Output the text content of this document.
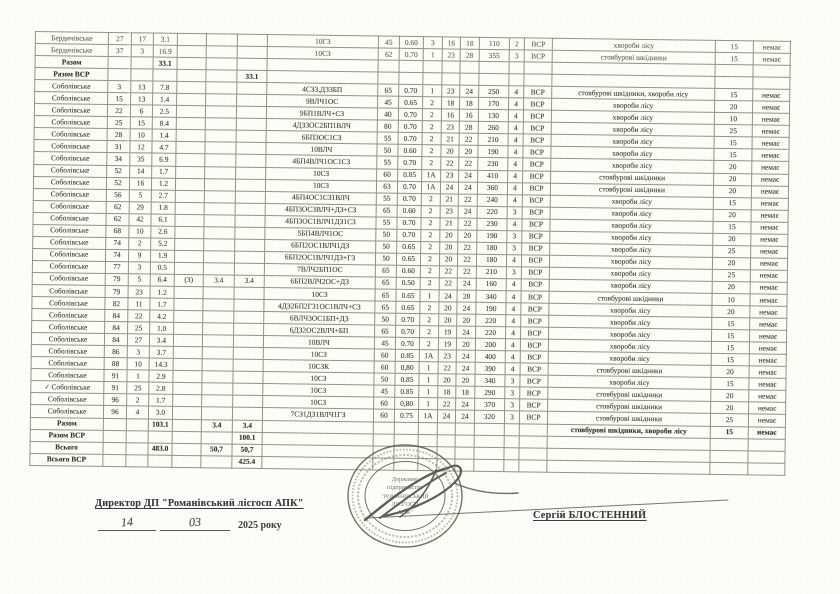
Бердичівське	27	17	3.1				10ГЗ	45	0.60	3	16	18	110	2	ВСР	хвороби лісу	15	немає
Бердичівське	37	3	16.9				10СЗ	62	0.70	1	23	28	355	3	ВСР	стовбурові шкідники	15	немає
Разом			33.1															
Разом ВСР						33.1												
Соболівське	3	13	7.8				4СЗ3,ДЗ3БП	65	0.70	1	23	24	250	4	ВСР	стовбурові шкідники, хвороби лісу	15	немає
Соболівське	15	13	1.4				9ВЛЧ1ОС	45	0.65	2	18	18	170	4	ВСР	хвороби лісу	20	немає
Соболівське	22	6	2.5				9БП1ВЛЧ+СЗ	40	0.70	2	16	16	130	4	ВСР	хвороби лісу	10	немає
Соболівське	25	15	8.4				4ДЗ3ОС2БП1ВЛЧ	80	0.70	2	23	28	260	4	ВСР	хвороби лісу	25	немає
Соболівське	28	10	1.4				6БП3ОС1СЗ	55	0.70	2	21	22	210	4	ВСР	хвороби лісу	15	немає
Соболівське	31	12	4.7				10ВЛЧ	50	0.60	2	20	20	190	4	ВСР	хвороби лісу	15	немає
Соболівське	34	35	6.9				4БП4ВЛЧ1ОС1СЗ	55	0.70	2	22	22	230	4	ВСР	хвороби лісу	20	немає
Соболівське	52	14	1.7				10СЗ	60	0.85	1А	23	24	410	4	ВСР	стовбурові шкідники	20	немає
Соболівське	52	16	1.2				10СЗ	63	0.70	1А	24	24	360	4	ВСР	стовбурові шкідники	20	немає
Соболівське	56	5	2.7				4БП4ОС1СЗ1ВЛЧ	55	0.70	2	21	22	240	4	ВСР	хвороби лісу	15	немає
Соболівське	62	29	1.8				4БП3ОС3ВЛЧ+ДЗ+СЗ	65	0.60	2	23	24	220	3	ВСР	хвороби лісу	20	немає
Соболівське	62	42	6.1				4БП3ОС1ВЛЧ1ДЗ1СЗ	55	0.70	2	21	22	230	4	ВСР	хвороби лісу	15	немає
Соболівське	68	10	2.6				5БП4ВЛЧ1ОС	50	0.70	2	20	20	190	3	ВСР	хвороби лісу	20	немає
Соболівське	74	2	5.2				6БП2ОС1ВЛЧ1ДЗ	50	0.65	2	20	22	180	3	ВСР	хвороби лісу	25	немає
Соболівське	74	9	1.9				6БП2ОС1ВЛЧ1ДЗ+ГЗ	50	0.65	2	20	22	180	4	ВСР	хвороби лісу	20	немає
Соболівське	77	3	0.5				7ВЛЧ2БП1ОС	65	0.60	2	22	22	210	3	ВСР	хвороби лісу	25	немає
Соболівське	79	5	6.4	(3)	3.4	3.4	6БП2ВЛЧ2ОС+ДЗ	65	0.50	2	22	24	160	4	ВСР	хвороби лісу	20	немає
Соболівське	79	23	1.2				10СЗ	65	0.65	1	24	28	340	4	ВСР	стовбурові шкідники	10	немає
Соболівське	82	11	1.7				4ДЗ2БП2ГЗ1ОС1ВЛЧ+СЗ	65	0.65	2	20	24	190	4	ВСР	хвороби лісу	20	немає
Соболівське	84	22	4.2				6ВЛЧ3ОС1БП+ДЗ	50	0.70	2	20	20	220	4	ВСР	хвороби лісу	15	немає
Соболівське	84	25	1.0				6ДЗ2ОС2ВЛЧ+БП	65	0.70	2	19	24	220	4	ВСР	хвороби лісу	15	немає
Соболівське	84	27	3.4				10ВЛЧ	45	0.70	2	19	20	200	4	ВСР	хвороби лісу	15	немає
Соболівське	86	3	3.7				10СЗ	60	0.85	1А	23	24	400	4	ВСР	хвороби лісу	15	немає
Соболівське	88	10	14.3				10СЗК	60	0,80	1	22	24	390	4	ВСР	стовбурові шкідники	20	немає
Соболівське	91	1	2.9				10СЗ	50	0.85	1	20	20	340	3	ВСР	хвороби лісу	15	немає
✓Соболівське	91	25	2.8				10СЗ	45	0.85	1	18	18	290	3	ВСР	стовбурові шкідники	20	немає
Соболівське	96	2	1.7				10СЗ	60	0,80	1	22	24	370	3	ВСР	стовбурові шкідники	20	немає
Соболівське	96	4	3.0				7СЗ1ДЗ1ВЛЧ1ГЗ	60	0.75	1А	24	24	320	3	ВСР	стовбурові шкідники	25	немає
Разом			103.1		3.4	3.4										стовбурові шкідники, хвороби лісу	15	немає
Разом ВСР						100.1												
Всього			483.0		50,7	50,7												
Всього ВСР						425.4												
Державне
підприємство
"РОМАНІВСЬКИЙ
ЛІСГОСП
АПК"
Директор ДП "Романівський лісгосп АПК"
14	03	2025 року
Сергій БЛОСТЕННИЙ
